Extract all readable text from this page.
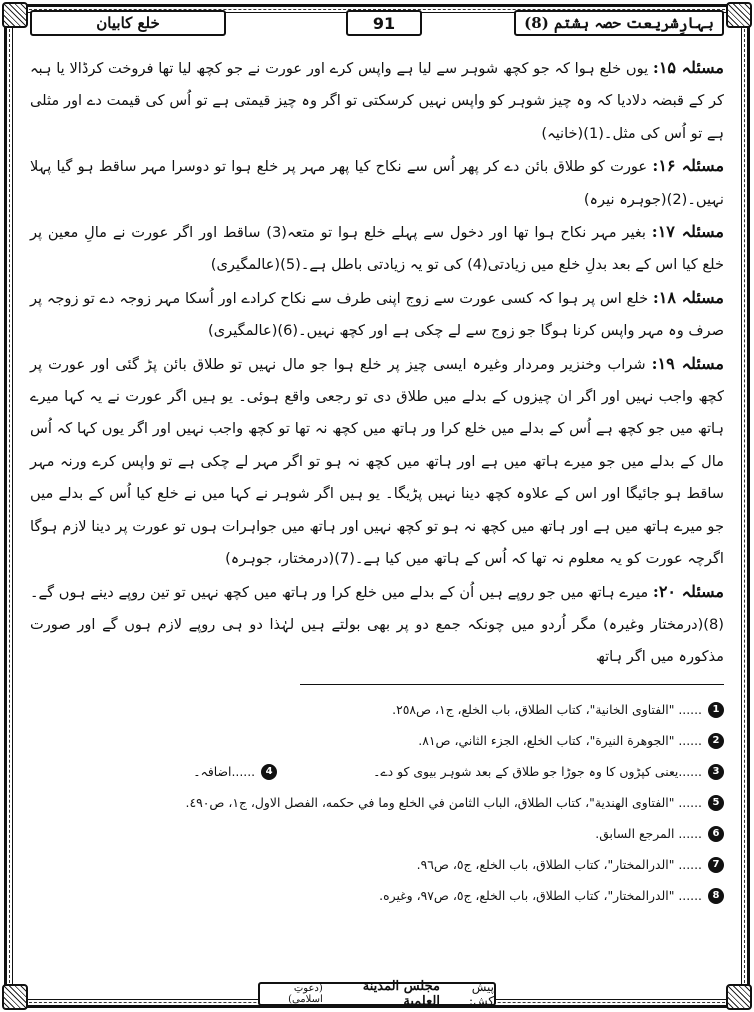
بہارِشریعت حصہ ہشتم (8)
91
خلع کابیان

مسئلہ ۱۵: یوں خلع ہوا کہ جو کچھ شوہر سے لیا ہے واپس کرے اور عورت نے جو کچھ لیا تھا فروخت کرڈالا یا ہبہ کر کے قبضہ دلادیا کہ وہ چیز شوہر کو واپس نہیں کرسکتی تو اگر وہ چیز قیمتی ہے تو اُس کی قیمت دے اور مثلی ہے تو اُس کی مثل۔(1)(خانیہ)

مسئلہ ۱۶: عورت کو طلاق بائن دے کر پھر اُس سے نکاح کیا پھر مہر پر خلع ہوا تو دوسرا مہر ساقط ہو گیا پہلا نہیں۔(2)(جوہرہ نیرہ)

مسئلہ ۱۷: بغیر مہر نکاح ہوا تھا اور دخول سے پہلے خلع ہوا تو متعہ(3) ساقط اور اگر عورت نے مالِ معین پر خلع کیا اس کے بعد بدلِ خلع میں زیادتی(4) کی تو یہ زیادتی باطل ہے۔(5)(عالمگیری)

مسئلہ ۱۸: خلع اس پر ہوا کہ کسی عورت سے زوج اپنی طرف سے نکاح کرادے اور اُسکا مہر زوجہ دے تو زوجہ پر صرف وہ مہر واپس کرنا ہوگا جو زوج سے لے چکی ہے اور کچھ نہیں۔(6)(عالمگیری)

مسئلہ ۱۹: شراب وخنزیر ومردار وغیرہ ایسی چیز پر خلع ہوا جو مال نہیں تو طلاق بائن پڑ گئی اور عورت پر کچھ واجب نہیں اور اگر ان چیزوں کے بدلے میں طلاق دی تو رجعی واقع ہوئی۔ یو ہیں اگر عورت نے یہ کہا میرے ہاتھ میں جو کچھ ہے اُس کے بدلے میں خلع کرا ور ہاتھ میں کچھ نہ تھا تو کچھ واجب نہیں اور اگر یوں کہا کہ اُس مال کے بدلے میں جو میرے ہاتھ میں ہے اور ہاتھ میں کچھ نہ ہو تو اگر مہر لے چکی ہے تو واپس کرے ورنہ مہر ساقط ہو جائیگا اور اس کے علاوہ کچھ دینا نہیں پڑیگا۔ یو ہیں اگر شوہر نے کہا میں نے خلع کیا اُس کے بدلے میں جو میرے ہاتھ میں ہے اور ہاتھ میں کچھ نہ ہو تو کچھ نہیں اور ہاتھ میں جواہرات ہوں تو عورت پر دینا لازم ہوگا اگرچہ عورت کو یہ معلوم نہ تھا کہ اُس کے ہاتھ میں کیا ہے۔(7)(درمختار، جوہرہ)

مسئلہ ۲۰: میرے ہاتھ میں جو روپے ہیں اُن کے بدلے میں خلع کرا ور ہاتھ میں کچھ نہیں تو تین روپے دینے ہوں گے۔(8)(درمختار وغیرہ) مگر اُردو میں چونکہ جمع دو پر بھی بولتے ہیں لہٰذا دو ہی روپے لازم ہوں گے اور صورت مذکورہ میں اگر ہاتھ

1
...... "الفتاوى الخانية"، كتاب الطلاق، باب الخلع، ج١، ص٢٥٨.
2
...... "الجوهرة النيرة"، كتاب الخلع، الجزء الثاني، ص٨١.
3
......یعنی کپڑوں کا وہ جوڑا جو طلاق کے بعد شوہر بیوی کو دے۔
4
......اضافہ۔
5
...... "الفتاوى الهندية"، كتاب الطلاق، الباب الثامن في الخلع وما في حكمه، الفصل الاول، ج١، ص٤٩٠.
6
...... المرجع السابق.
7
...... "الدرالمختار"، كتاب الطلاق، باب الخلع، ج٥، ص٩٦.
8
...... "الدرالمختار"، كتاب الطلاق، باب الخلع، ج٥، ص٩٧، وغيره.
پیش کش:
مجلس المدينة العلمية
(دعوتِ اسلامی)
